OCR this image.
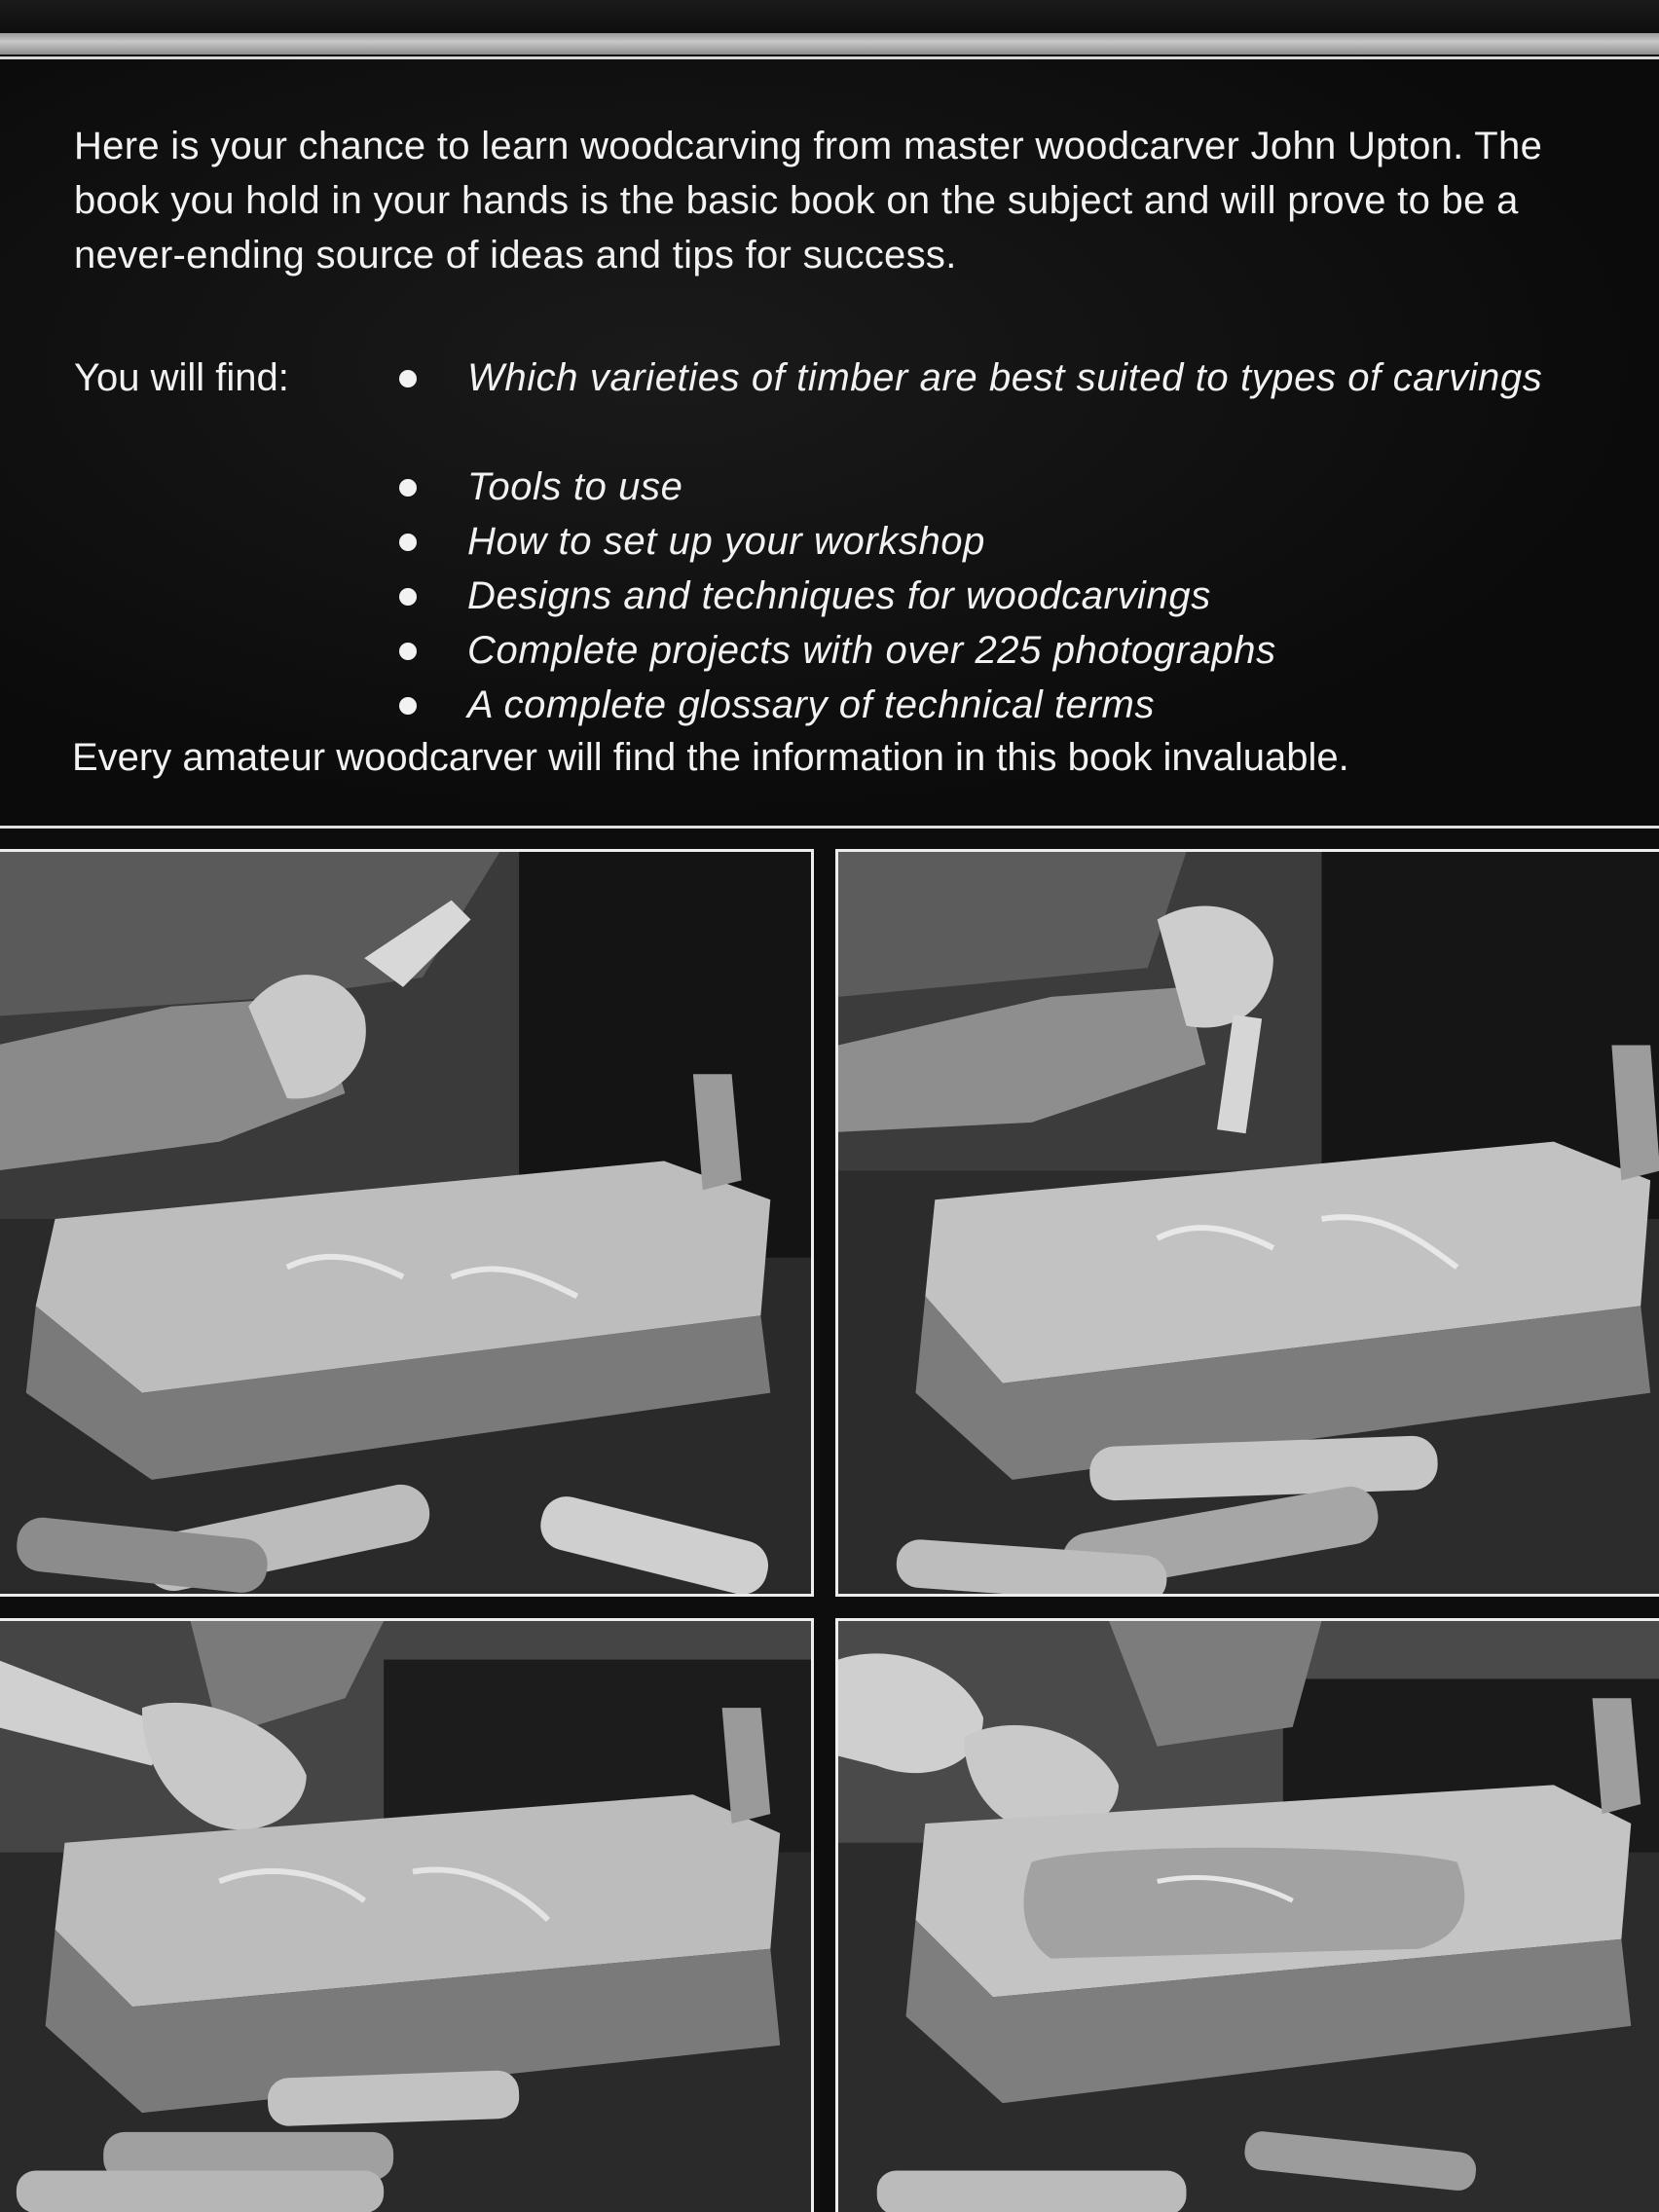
Here is your chance to learn woodcarving from master woodcarver John Upton. The book you hold in your hands is the basic book on the subject and will prove to be a never-ending source of ideas and tips for success.

You will find:	Which varieties of timber are best suited to types of carvings
Tools to use
How to set up your workshop
Designs and techniques for woodcarvings
Complete projects with over 225 photographs
A complete glossary of technical terms
Every amateur woodcarver will find the information in this book invaluable.
